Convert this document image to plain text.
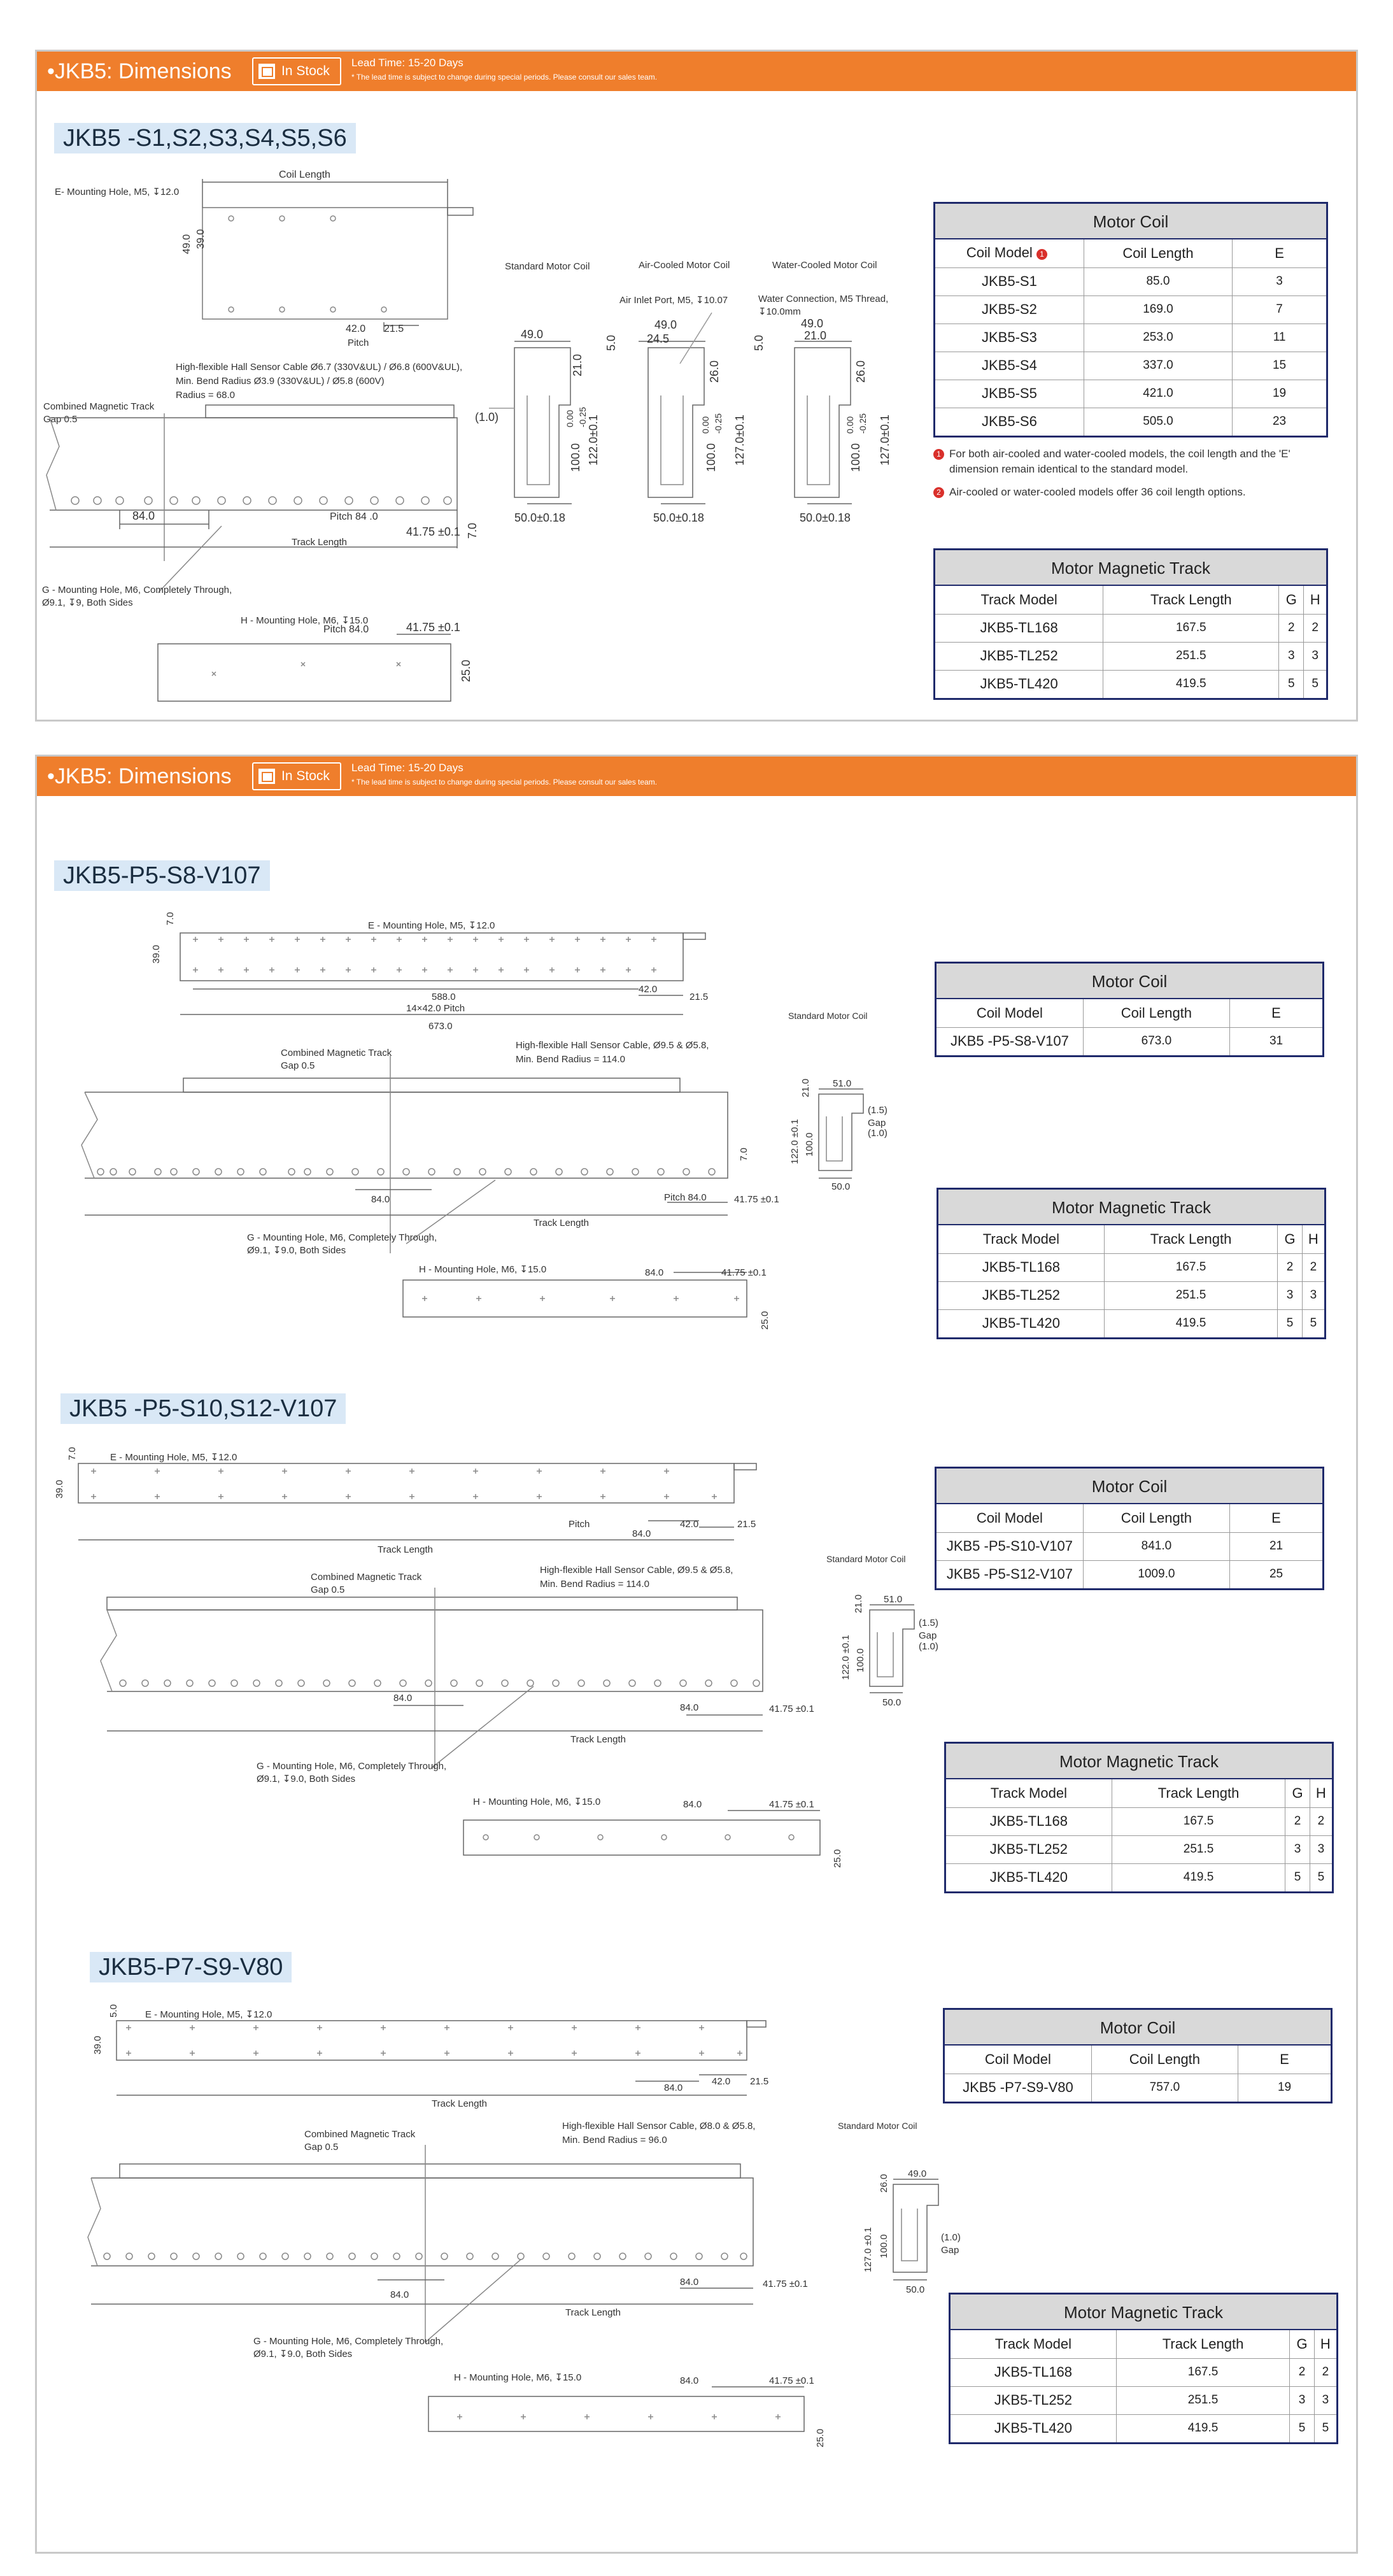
•JKB5: Dimensions	In Stock
Lead Time: 15-20 Days
* The lead time is subject to change during special periods. Please consult our sales team.
JKB5 -S1,S2,S3,S4,S5,S6
Coil Length
E- Mounting Hole, M5, ↧12.0
49.0 39.0
42.0 21.5
Pitch
High-flexible Hall Sensor Cable Ø6.7 (330V&UL) / Ø6.8 (600V&UL),
Min. Bend Radius Ø3.9 (330V&UL) / Ø5.8 (600V)
Radius = 68.0
Combined Magnetic Track
Gap 0.5
84.0	Pitch 84 .0
41.75 ±0.1 7.0
Track Length
G - Mounting Hole, M6, Completely Through,
Ø9.1, ↧9, Both Sides
H - Mounting Hole, M6, ↧15.0
Pitch 84.0	41.75 ±0.1
25.0
Standard Motor Coil	Air-Cooled Motor Coil	Water-Cooled Motor Coil
Air Inlet Port, M5, ↧10.07	Water Connection, M5 Thread,
↧10.0mm
49.0
(1.0)
21.0
122.0±0.1
100.0
0.00 -0.25
50.0±0.18
5.0
49.0
24.5
26.0
127.0±0.1
100.0
0.00 -0.25
50.0±0.18
5.0
49.0
21.0
26.0
127.0±0.1
100.0
0.00 -0.25
50.0±0.18
Motor Coil
Coil Model 1	Coil Length	E
JKB5-S1	85.0	3
JKB5-S2	169.0	7
JKB5-S3	253.0	11
JKB5-S4	337.0	15
JKB5-S5	421.0	19
JKB5-S6	505.0	23
1 For both air-cooled and water-cooled models, the coil length and the 'E'
dimension remain identical to the standard model.
2 Air-cooled or water-cooled models offer 36 coil length options.
Motor Magnetic Track
Track Model	Track Length	G	H
JKB5-TL168	167.5	2	2
JKB5-TL252	251.5	3	3
JKB5-TL420	419.5	5	5
•JKB5: Dimensions	In Stock
Lead Time: 15-20 Days
* The lead time is subject to change during special periods. Please consult our sales team.
JKB5-P5-S8-V107
E - Mounting Hole, M5, ↧12.0
7.0
39.0
588.0
14×42.0 Pitch
42.0
21.5
673.0
Standard Motor Coil
Combined Magnetic Track
Gap 0.5
High-flexible Hall Sensor Cable, Ø9.5 & Ø5.8,
Min. Bend Radius = 114.0
84.0	Pitch 84.0	41.75 ±0.1
7.0
Track Length
G - Mounting Hole, M6, Completely Through,
Ø9.1, ↧9.0, Both Sides
H - Mounting Hole, M6, ↧15.0	84.0	41.75 ±0.1
25.0
51.0
21.0
122.0 ±0.1 100.0
50.0
(1.5)
Gap
(1.0)
Motor Coil
Coil Model	Coil Length	E
JKB5 -P5-S8-V107	673.0	31
Motor Magnetic Track
Track Model	Track Length	G	H
JKB5-TL168	167.5	2	2
JKB5-TL252	251.5	3	3
JKB5-TL420	419.5	5	5
JKB5 -P5-S10,S12-V107
E - Mounting Hole, M5, ↧12.0
7.0
39.0
Pitch
84.0
42.0	21.5
Track Length
Standard Motor Coil
Combined Magnetic Track
Gap 0.5
High-flexible Hall Sensor Cable, Ø9.5 & Ø5.8,
Min. Bend Radius = 114.0
84.0
84.0	41.75 ±0.1
Track Length
G - Mounting Hole, M6, Completely Through,
Ø9.1, ↧9.0, Both Sides
H - Mounting Hole, M6, ↧15.0	84.0	41.75 ±0.1
25.0
51.0
21.0
122.0 ±0.1 100.0
50.0
(1.5)
Gap
(1.0)
Motor Coil
Coil Model	Coil Length	E
JKB5 -P5-S10-V107	841.0	21
JKB5 -P5-S12-V107	1009.0	25
Motor Magnetic Track
Track Model	Track Length	G	H
JKB5-TL168	167.5	2	2
JKB5-TL252	251.5	3	3
JKB5-TL420	419.5	5	5
JKB5-P7-S9-V80
E - Mounting Hole, M5, ↧12.0
5.0
39.0
84.0
42.0 21.5
Track Length
Standard Motor Coil
Combined Magnetic Track
Gap 0.5
High-flexible Hall Sensor Cable, Ø8.0 & Ø5.8,
Min. Bend Radius = 96.0
84.0
84.0	41.75 ±0.1
Track Length
G - Mounting Hole, M6, Completely Through,
Ø9.1, ↧9.0, Both Sides
H - Mounting Hole, M6, ↧15.0	84.0	41.75 ±0.1
25.0
49.0
26.0
127.0 ±0.1 100.0
50.0
(1.0)
Gap
Motor Coil
Coil Model	Coil Length	E
JKB5 -P7-S9-V80	757.0	19
Motor Magnetic Track
Track Model	Track Length	G	H
JKB5-TL168	167.5	2	2
JKB5-TL252	251.5	3	3
JKB5-TL420	419.5	5	5
